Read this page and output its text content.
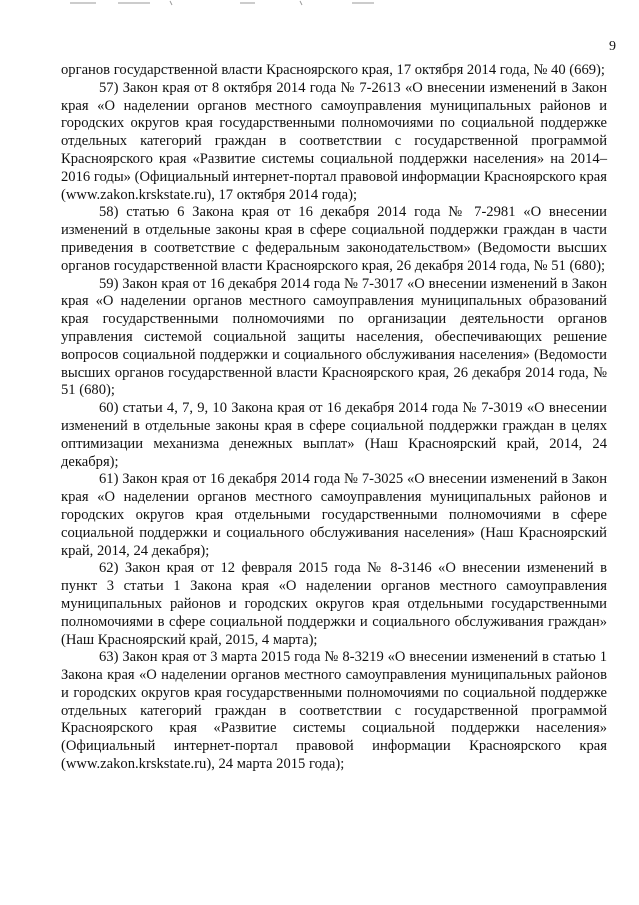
9

органов государственной власти Красноярского края, 17 октября 2014 года, № 40 (669);

57) Закон края от 8 октября 2014 года № 7-2613 «О внесении изменений в Закон края «О наделении органов местного самоуправления муниципальных районов и городских округов края государственными полномочиями по социальной поддержке отдельных категорий граждан в соответствии с государственной программой Красноярского края «Развитие системы социальной поддержки населения» на 2014–2016 годы» (Официальный интернет-портал правовой информации Красноярского края (www.zakon.krskstate.ru), 17 октября 2014 года);

58) статью 6 Закона края от 16 декабря 2014 года № 7-2981 «О внесении изменений в отдельные законы края в сфере социальной поддержки граждан в части приведения в соответствие с федеральным законодательством» (Ведомости высших органов государственной власти Красноярского края, 26 декабря 2014 года, № 51 (680);

59) Закон края от 16 декабря 2014 года № 7-3017 «О внесении изменений в Закон края «О наделении органов местного самоуправления муниципальных образований края государственными полномочиями по организации деятельности органов управления системой социальной защиты населения, обеспечивающих решение вопросов социальной поддержки и социального обслуживания населения» (Ведомости высших органов государственной власти Красноярского края, 26 декабря 2014 года, № 51 (680);

60) статьи 4, 7, 9, 10 Закона края от 16 декабря 2014 года № 7-3019 «О внесении изменений в отдельные законы края в сфере социальной поддержки граждан в целях оптимизации механизма денежных выплат» (Наш Красноярский край, 2014, 24 декабря);

61) Закон края от 16 декабря 2014 года № 7-3025 «О внесении изменений в Закон края «О наделении органов местного самоуправления муниципальных районов и городских округов края отдельными государственными полномочиями в сфере социальной поддержки и социального обслуживания населения» (Наш Красноярский край, 2014, 24 декабря);

62) Закон края от 12 февраля 2015 года № 8-3146 «О внесении изменений в пункт 3 статьи 1 Закона края «О наделении органов местного самоуправления муниципальных районов и городских округов края отдельными государственными полномочиями в сфере социальной поддержки и социального обслуживания граждан» (Наш Красноярский край, 2015, 4 марта);

63) Закон края от 3 марта 2015 года № 8-3219 «О внесении изменений в статью 1 Закона края «О наделении органов местного самоуправления муниципальных районов и городских округов края государственными полномочиями по социальной поддержке отдельных категорий граждан в соответствии с государственной программой Красноярского края «Развитие системы социальной поддержки населения» (Официальный интернет-портал правовой информации Красноярского края (www.zakon.krskstate.ru), 24 марта 2015 года);
